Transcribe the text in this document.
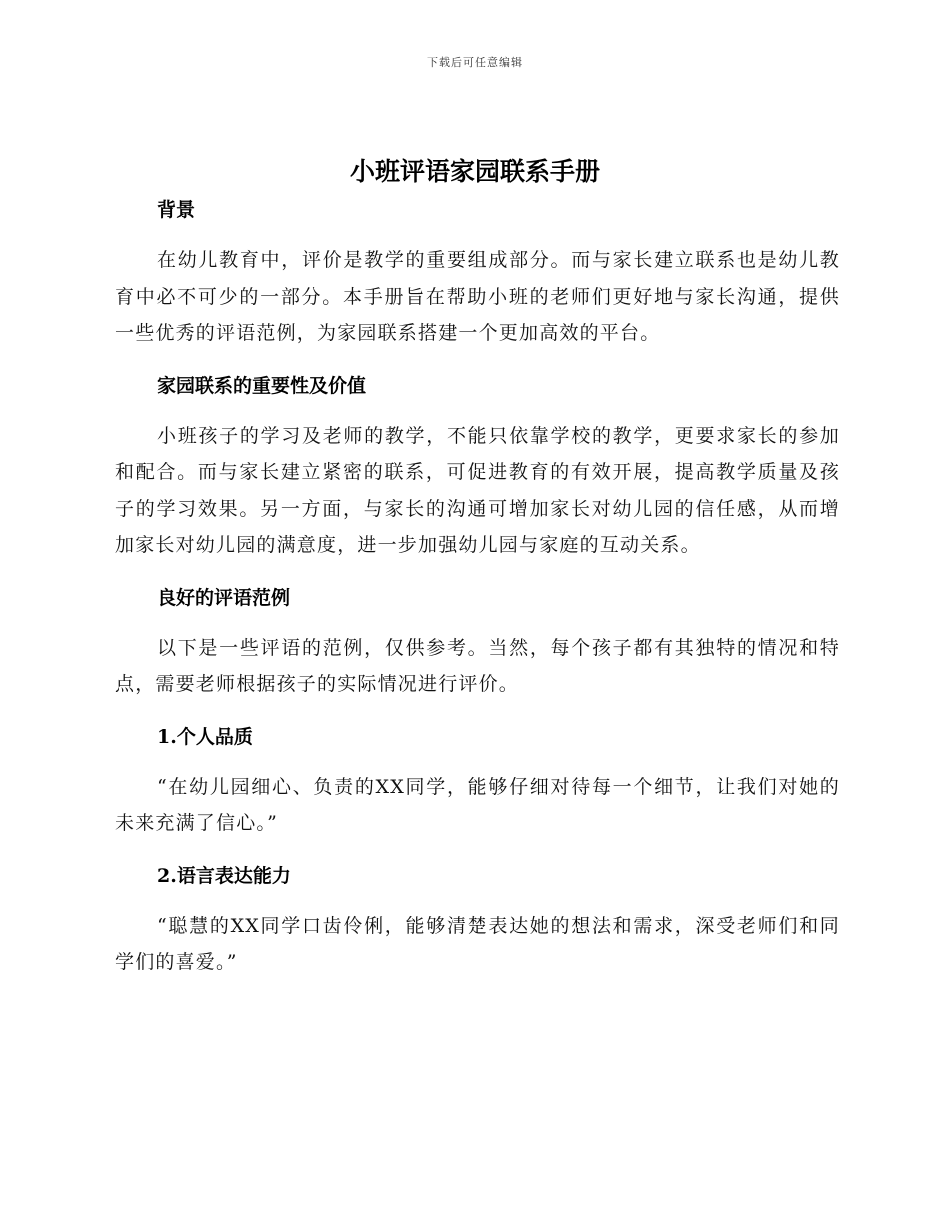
下载后可任意编辑
小班评语家园联系手册
背景

在幼儿教育中，评价是教学的重要组成部分。而与家长建立联系也是幼儿教育中必不可少的一部分。本手册旨在帮助小班的老师们更好地与家长沟通，提供一些优秀的评语范例，为家园联系搭建一个更加高效的平台。

家园联系的重要性及价值

小班孩子的学习及老师的教学，不能只依靠学校的教学，更要求家长的参加和配合。而与家长建立紧密的联系，可促进教育的有效开展，提高教学质量及孩子的学习效果。另一方面，与家长的沟通可增加家长对幼儿园的信任感，从而增加家长对幼儿园的满意度，进一步加强幼儿园与家庭的互动关系。

良好的评语范例

以下是一些评语的范例，仅供参考。当然，每个孩子都有其独特的情况和特点，需要老师根据孩子的实际情况进行评价。

1.个人品质

“在幼儿园细心、负责的XX同学，能够仔细对待每一个细节，让我们对她的未来充满了信心。”

2.语言表达能力

“聪慧的XX同学口齿伶俐，能够清楚表达她的想法和需求，深受老师们和同学们的喜爱。”
